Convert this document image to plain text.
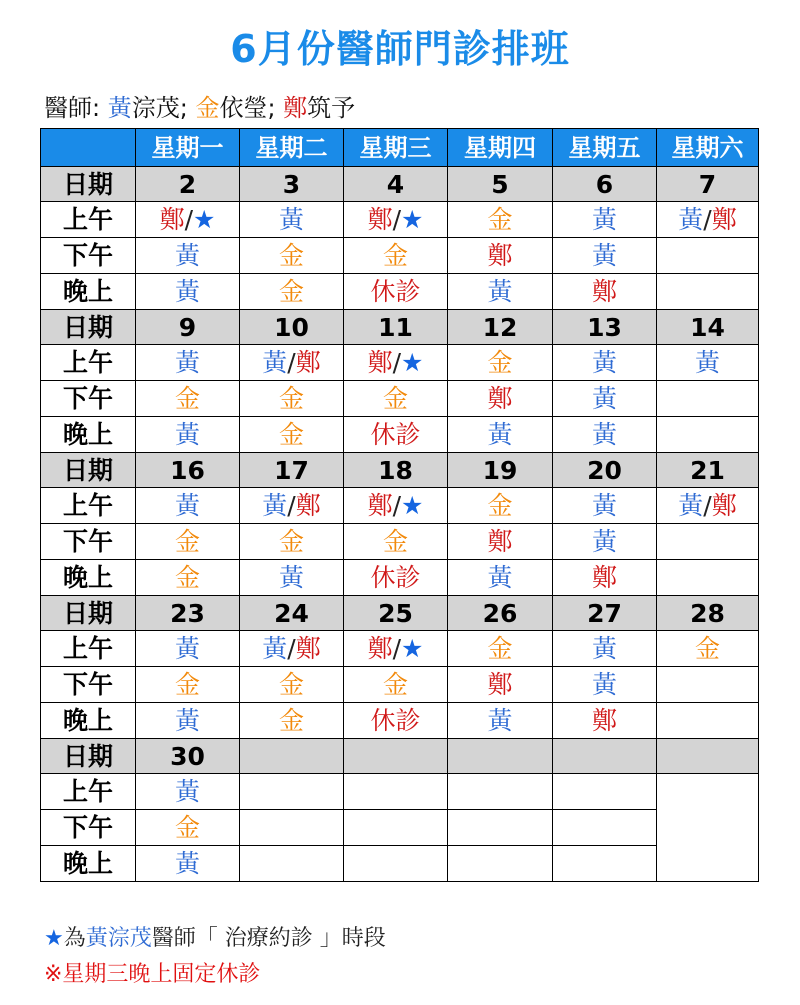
6月份醫師門診排班
醫師: 黃淙茂; 金依瑩; 鄭筑予
	星期一	星期二	星期三	星期四	星期五	星期六
日期	2	3	4	5	6	7
上午	鄭/★	黃	鄭/★	金	黃	黃/鄭
下午	黃	金	金	鄭	黃	
晚上	黃	金	休診	黃	鄭	
日期	9	10	11	12	13	14
上午	黃	黃/鄭	鄭/★	金	黃	黃
下午	金	金	金	鄭	黃	
晚上	黃	金	休診	黃	黃	
日期	16	17	18	19	20	21
上午	黃	黃/鄭	鄭/★	金	黃	黃/鄭
下午	金	金	金	鄭	黃	
晚上	金	黃	休診	黃	鄭	
日期	23	24	25	26	27	28
上午	黃	黃/鄭	鄭/★	金	黃	金
下午	金	金	金	鄭	黃	
晚上	黃	金	休診	黃	鄭	
日期	30					
上午	黃					
下午	金					
晚上	黃					
★為黃淙茂醫師「 治療約診 」時段
※星期三晚上固定休診
